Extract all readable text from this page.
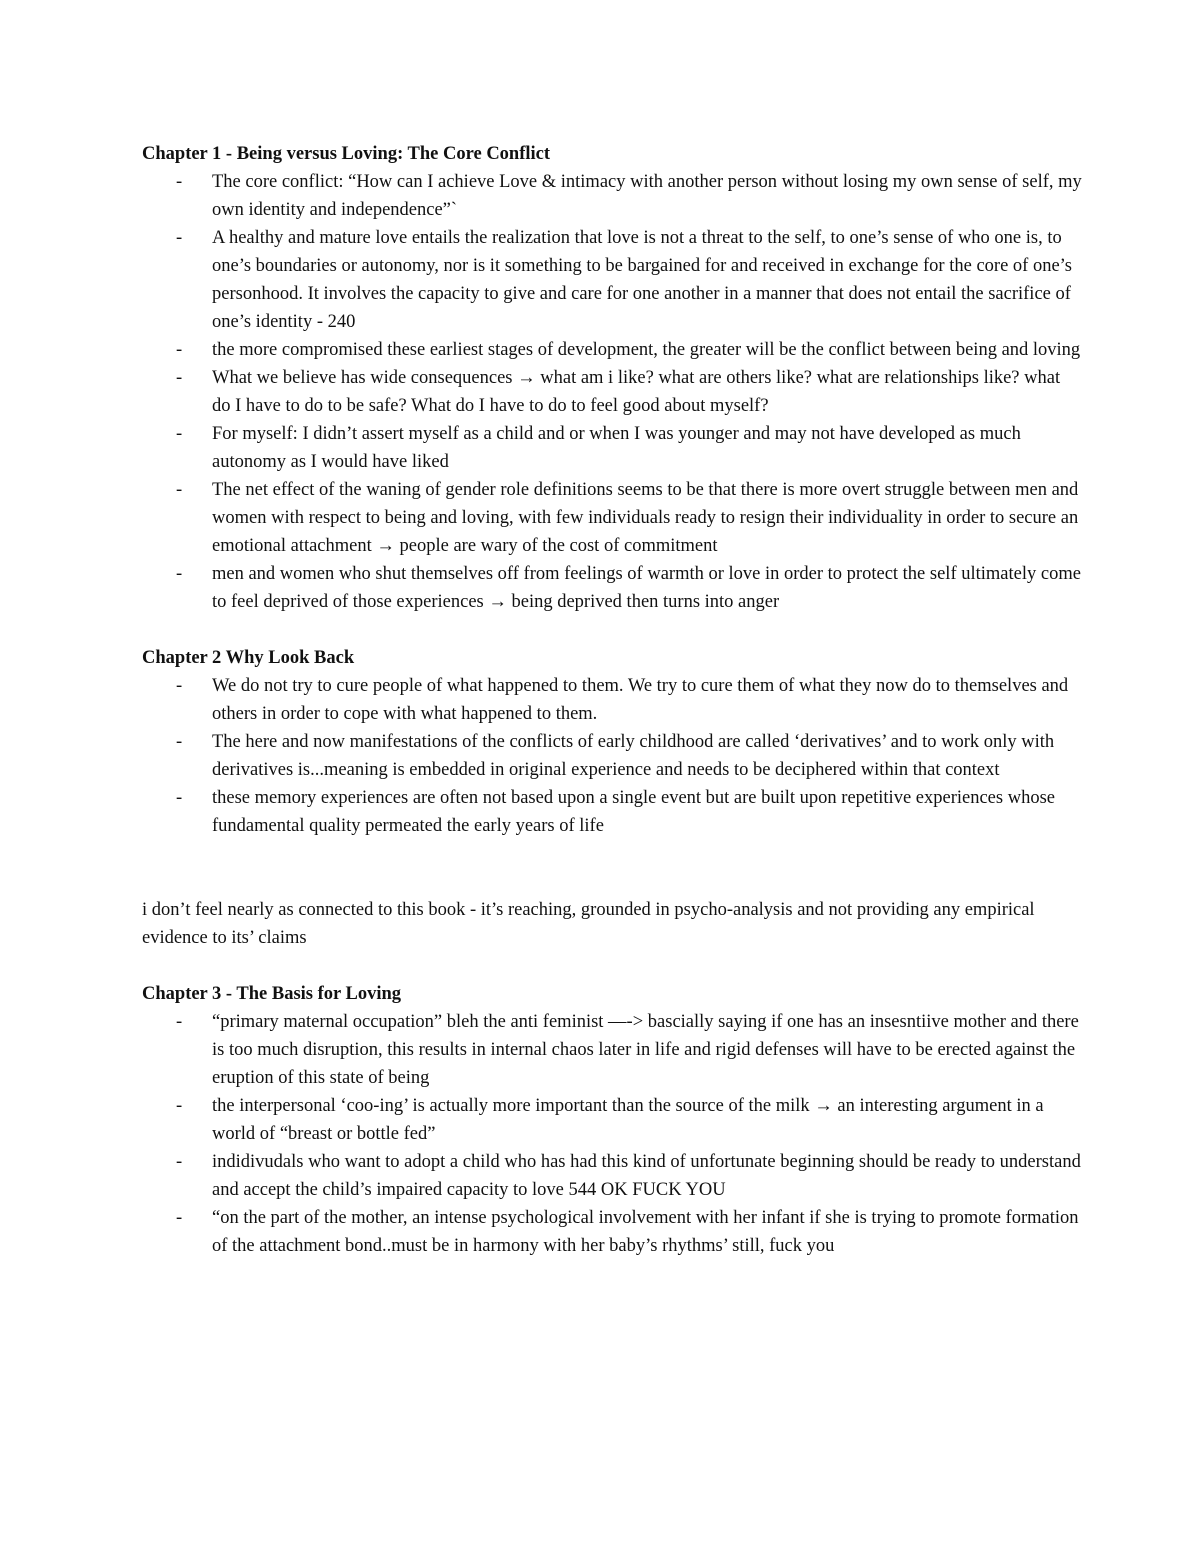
Chapter 1 - Being versus Loving: The Core Conflict
- The core conflict: “How can I achieve Love & intimacy with another person without losing my own sense of self, my own identity and independence”`
- A healthy and mature love entails the realization that love is not a threat to the self, to one’s sense of who one is, to one’s boundaries or autonomy, nor is it something to be bargained for and received in exchange for the core of one’s personhood. It involves the capacity to give and care for one another in a manner that does not entail the sacrifice of one’s identity - 240
- the more compromised these earliest stages of development, the greater will be the conflict between being and loving
- What we believe has wide consequences → what am i like? what are others like? what are relationships like? what do I have to do to be safe? What do I have to do to feel good about myself?
- For myself: I didn’t assert myself as a child and or when I was younger and may not have developed as much autonomy as I would have liked
- The net effect of the waning of gender role definitions seems to be that there is more overt struggle between men and women with respect to being and loving, with few individuals ready to resign their individuality in order to secure an emotional attachment → people are wary of the cost of commitment
- men and women who shut themselves off from feelings of warmth or love in order to protect the self ultimately come to feel deprived of those experiences → being deprived then turns into anger
Chapter 2 Why Look Back
- We do not try to cure people of what happened to them. We try to cure them of what they now do to themselves and others in order to cope with what happened to them.
- The here and now manifestations of the conflicts of early childhood are called ‘derivatives’ and to work only with derivatives is...meaning is embedded in original experience and needs to be deciphered within that context
- these memory experiences are often not based upon a single event but are built upon repetitive experiences whose fundamental quality permeated the early years of life

i don’t feel nearly as connected to this book - it’s reaching, grounded in psycho-analysis and not providing any empirical evidence to its’ claims

Chapter 3 - The Basis for Loving
- “primary maternal occupation” bleh the anti feminist —-> bascially saying if one has an insesntiive mother and there is too much disruption, this results in internal chaos later in life and rigid defenses will have to be erected against the eruption of this state of being
- the interpersonal ‘coo-ing’ is actually more important than the source of the milk → an interesting argument in a world of “breast or bottle fed”
- indidivudals who want to adopt a child who has had this kind of unfortunate beginning should be ready to understand and accept the child’s impaired capacity to love 544 OK FUCK YOU
- “on the part of the mother, an intense psychological involvement with her infant if she is trying to promote formation of the attachment bond..must be in harmony with her baby’s rhythms’ still, fuck you
